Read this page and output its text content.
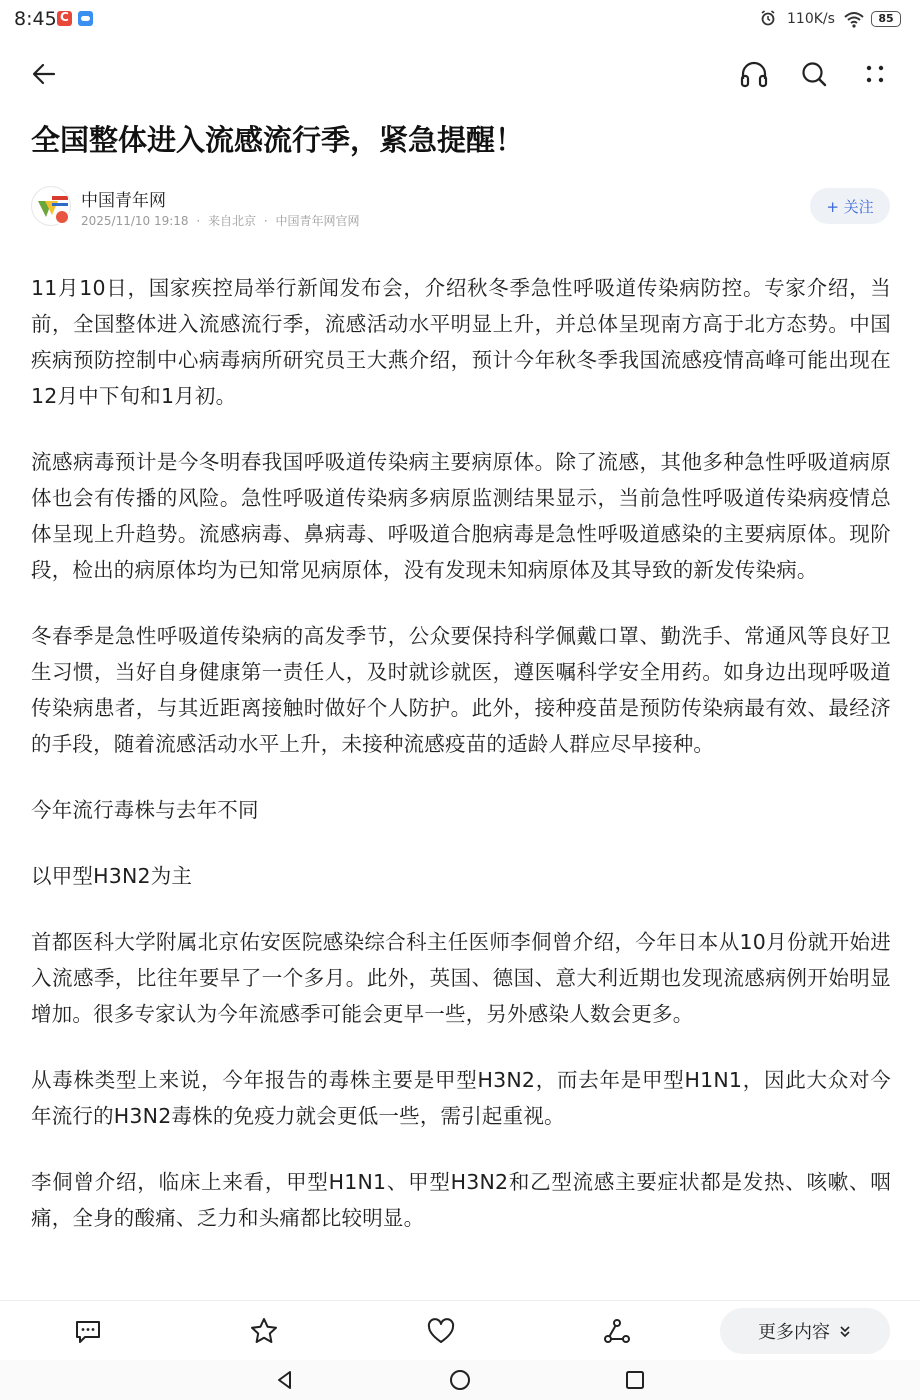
8:45
C	110K/s	85
全国整体进入流感流行季，紧急提醒！
中国青年网
2025/11/10 19:18 · 来自北京 · 中国青年网官网
+ 关注

11月10日，国家疾控局举行新闻发布会，介绍秋冬季急性呼吸道传染病防控。专家介绍，当前，全国整体进入流感流行季，流感活动水平明显上升，并总体呈现南方高于北方态势。中国疾病预防控制中心病毒病所研究员王大燕介绍，预计今年秋冬季我国流感疫情高峰可能出现在12月中下旬和1月初。

流感病毒预计是今冬明春我国呼吸道传染病主要病原体。除了流感，其他多种急性呼吸道病原体也会有传播的风险。急性呼吸道传染病多病原监测结果显示，当前急性呼吸道传染病疫情总体呈现上升趋势。流感病毒、鼻病毒、呼吸道合胞病毒是急性呼吸道感染的主要病原体。现阶段，检出的病原体均为已知常见病原体，没有发现未知病原体及其导致的新发传染病。

冬春季是急性呼吸道传染病的高发季节，公众要保持科学佩戴口罩、勤洗手、常通风等良好卫生习惯，当好自身健康第一责任人，及时就诊就医，遵医嘱科学安全用药。如身边出现呼吸道传染病患者，与其近距离接触时做好个人防护。此外，接种疫苗是预防传染病最有效、最经济的手段，随着流感活动水平上升，未接种流感疫苗的适龄人群应尽早接种。

今年流行毒株与去年不同

以甲型H3N2为主

首都医科大学附属北京佑安医院感染综合科主任医师李侗曾介绍，今年日本从10月份就开始进入流感季，比往年要早了一个多月。此外，英国、德国、意大利近期也发现流感病例开始明显增加。很多专家认为今年流感季可能会更早一些，另外感染人数会更多。

从毒株类型上来说，今年报告的毒株主要是甲型H3N2，而去年是甲型H1N1，因此大众对今年流行的H3N2毒株的免疫力就会更低一些，需引起重视。

李侗曾介绍，临床上来看，甲型H1N1、甲型H3N2和乙型流感主要症状都是发热、咳嗽、咽痛，全身的酸痛、乏力和头痛都比较明显。

更多内容
